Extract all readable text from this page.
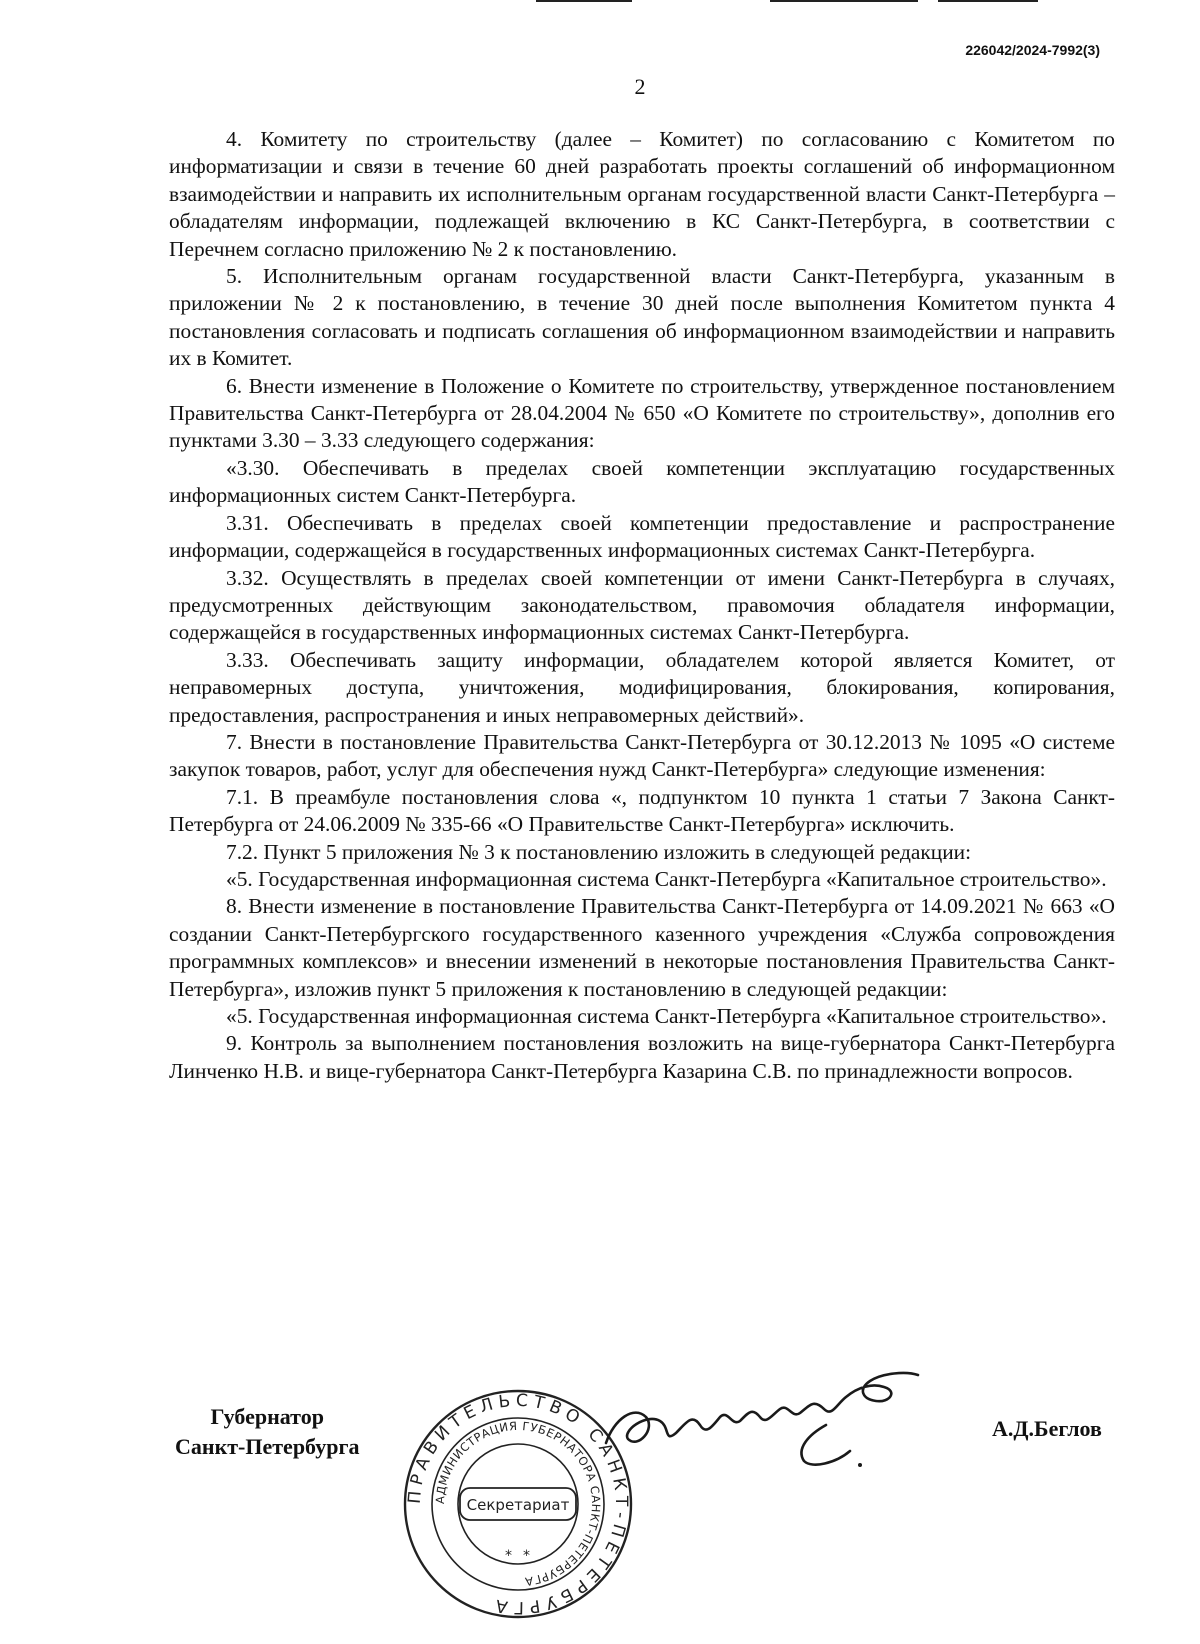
226042/2024-7992(3)
2

4. Комитету по строительству (далее – Комитет) по согласованию с Комитетом по информатизации и связи в течение 60 дней разработать проекты соглашений об информационном взаимодействии и направить их исполнительным органам государственной власти Санкт-Петербурга – обладателям информации, подлежащей включению в КС Санкт-Петербурга, в соответствии с Перечнем согласно приложению № 2 к постановлению.

5. Исполнительным органам государственной власти Санкт-Петербурга, указанным в приложении № 2 к постановлению, в течение 30 дней после выполнения Комитетом пункта 4 постановления согласовать и подписать соглашения об информационном взаимодействии и направить их в Комитет.

6. Внести изменение в Положение о Комитете по строительству, утвержденное постановлением Правительства Санкт-Петербурга от 28.04.2004 № 650 «О Комитете по строительству», дополнив его пунктами 3.30 – 3.33 следующего содержания:

«3.30. Обеспечивать в пределах своей компетенции эксплуатацию государственных информационных систем Санкт-Петербурга.

3.31. Обеспечивать в пределах своей компетенции предоставление и распространение информации, содержащейся в государственных информационных системах Санкт-Петербурга.

3.32. Осуществлять в пределах своей компетенции от имени Санкт-Петербурга в случаях, предусмотренных действующим законодательством, правомочия обладателя информации, содержащейся в государственных информационных системах Санкт-Петербурга.

3.33. Обеспечивать защиту информации, обладателем которой является Комитет, от неправомерных доступа, уничтожения, модифицирования, блокирования, копирования, предоставления, распространения и иных неправомерных действий».

7. Внести в постановление Правительства Санкт-Петербурга от 30.12.2013 № 1095 «О системе закупок товаров, работ, услуг для обеспечения нужд Санкт-Петербурга» следующие изменения:

7.1. В преамбуле постановления слова «, подпунктом 10 пункта 1 статьи 7 Закона Санкт-Петербурга от 24.06.2009 № 335-66 «О Правительстве Санкт-Петербурга» исключить.

7.2. Пункт 5 приложения № 3 к постановлению изложить в следующей редакции:

«5. Государственная информационная система Санкт-Петербурга «Капитальное строительство».

8. Внести изменение в постановление Правительства Санкт-Петербурга от 14.09.2021 № 663 «О создании Санкт-Петербургского государственного казенного учреждения «Служба сопровождения программных комплексов» и внесении изменений в некоторые постановления Правительства Санкт-Петербурга», изложив пункт 5 приложения к постановлению в следующей редакции:

«5. Государственная информационная система Санкт-Петербурга «Капитальное строительство».

9. Контроль за выполнением постановления возложить на вице-губернатора Санкт-Петербурга Линченко Н.В. и вице-губернатора Санкт-Петербурга Казарина С.В. по принадлежности вопросов.

Губернатор
Санкт-Петербурга
ПРАВИТЕЛЬСТВО САНКТ-ПЕТЕРБУРГА
АДМИНИСТРАЦИЯ ГУБЕРНАТОРА САНКТ-ПЕТЕРБУРГА
Секретариат
* *
А.Д.Беглов
